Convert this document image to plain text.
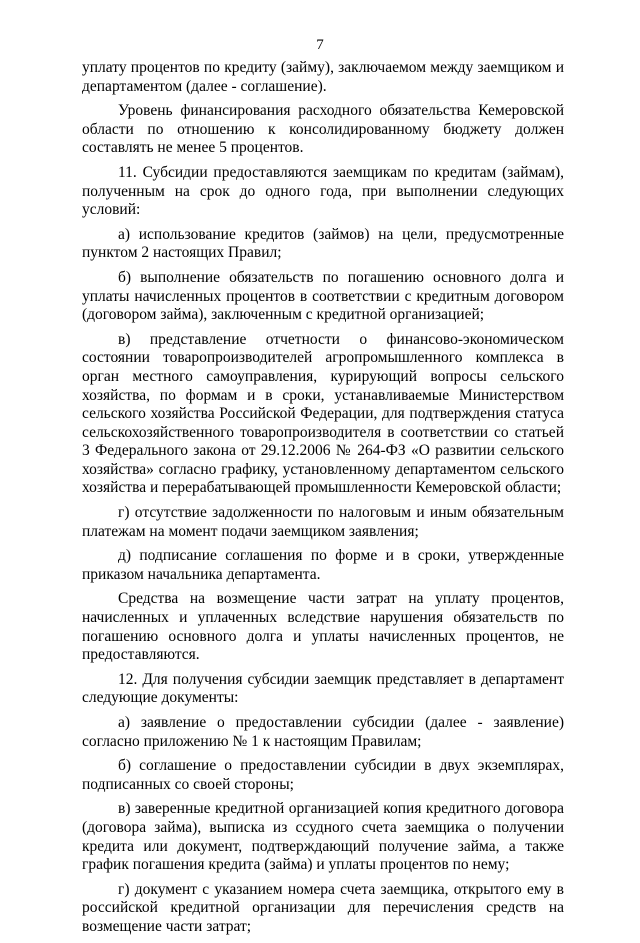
7

уплату процентов по кредиту (займу), заключаемом между заемщиком и департаментом (далее - соглашение).

Уровень финансирования расходного обязательства Кемеровской области по отношению к консолидированному бюджету должен составлять не менее 5 процентов.

11. Субсидии предоставляются заемщикам по кредитам (займам), полученным на срок до одного года, при выполнении следующих условий:

а) использование кредитов (займов) на цели, предусмотренные пунктом 2 настоящих Правил;

б) выполнение обязательств по погашению основного долга и уплаты начисленных процентов в соответствии с кредитным договором (договором займа), заключенным с кредитной организацией;

в) представление отчетности о финансово-экономическом состоянии товаропроизводителей агропромышленного комплекса в орган местного самоуправления, курирующий вопросы сельского хозяйства, по формам и в сроки, устанавливаемые Министерством сельского хозяйства Российской Федерации, для подтверждения статуса сельскохозяйственного товаропроизводителя в соответствии со статьей 3 Федерального закона от 29.12.2006 № 264-ФЗ «О развитии сельского хозяйства» согласно графику, установленному департаментом сельского хозяйства и перерабатывающей промышленности Кемеровской области;

г) отсутствие задолженности по налоговым и иным обязательным платежам на момент подачи заемщиком заявления;

д) подписание соглашения по форме и в сроки, утвержденные приказом начальника департамента.

Средства на возмещение части затрат на уплату процентов, начисленных и уплаченных вследствие нарушения обязательств по погашению основного долга и уплаты начисленных процентов, не предоставляются.

12. Для получения субсидии заемщик представляет в департамент следующие документы:

а) заявление о предоставлении субсидии (далее - заявление) согласно приложению № 1 к настоящим Правилам;

б) соглашение о предоставлении субсидии в двух экземплярах, подписанных со своей стороны;

в) заверенные кредитной организацией копия кредитного договора (договора займа), выписка из ссудного счета заемщика о получении кредита или документ, подтверждающий получение займа, а также график погашения кредита (займа) и уплаты процентов по нему;

г) документ с указанием номера счета заемщика, открытого ему в российской кредитной организации для перечисления средств на возмещение части затрат;
